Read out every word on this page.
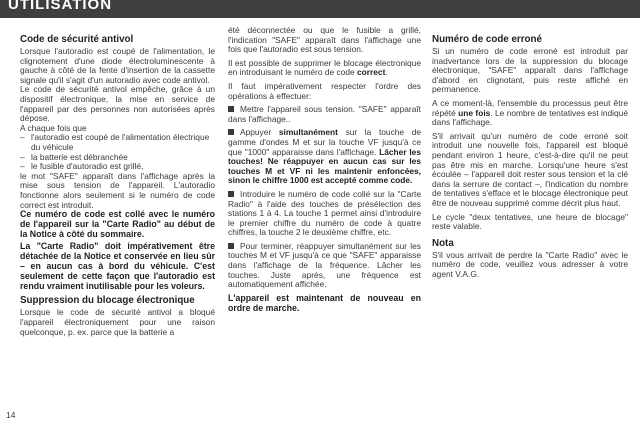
UTILISATION
Code de sécurité antivol

Lorsque l'autoradio est coupé de l'alimentation, le clignotement d'une diode électroluminescente à gauche à côté de la fente d'insertion de la cassette signale qu'il s'agit d'un autoradio avec code antivol.

Le code de sécurité antivol empêche, grâce à un dispositif électronique, la mise en service de l'appareil par des personnes non autorisées après dépose.

A chaque fois que

– l'autoradio est coupé de l'alimentation électrique du véhicule
– la batterie est débranchée
– le fusible d'autoradio est grillé,

le mot "SAFE" apparaît dans l'affichage après la mise sous tension de l'appareil. L'autoradio fonctionne alors seulement si le numéro de code correct est introduit.

Ce numéro de code est collé avec le numéro de l'appareil sur la "Carte Radio" au début de la Notice à côté du sommaire.

La "Carte Radio" doit impérativement être détachée de la Notice et conservée en lieu sûr – en aucun cas à bord du véhicule. C'est seulement de cette façon que l'autoradio est rendu vraiment inutilisable pour les voleurs.

Suppression du blocage électronique

Lorsque le code de sécurité antivol a bloqué l'appareil électroniquement pour une raison quelconque, p. ex. parce que la batterie a

été déconnectée ou que le fusible a grillé, l'indication "SAFE" apparaît dans l'affichage une fois que l'autoradio est sous tension.

Il est possible de supprimer le blocage électronique en introduisant le numéro de code correct.

Il faut impérativement respecter l'ordre des opérations à effectuer:

Mettre l'appareil sous tension. "SAFE" apparaît dans l'affichage..

Appuyer simultanément sur la touche de gamme d'ondes M et sur la touche VF jusqu'à ce que "1000" apparaisse dans l'affichage. Lâcher les touches! Ne réappuyer en aucun cas sur les touches M et VF ni les maintenir enfoncées, sinon le chiffre 1000 est accepté comme code.

Introduire le numéro de code collé sur la "Carte Radio" à l'aide des touches de présélection des stations 1 à 4. La touche 1 permet ainsi d'introduire le premier chiffre du numéro de code à quatre chiffres, la touche 2 le deuxième chiffre, etc.

Pour terminer, réappuyer simultanément sur les touches M et VF jusqu'à ce que "SAFE" apparaisse dans l'affichage de la fréquence. Lâcher les touches. Juste après, une fréquence est automatiquement affichée.

L'appareil est maintenant de nouveau en ordre de marche.

Numéro de code erroné

Si un numéro de code erroné est introduit par inadvertance lors de la suppression du blocage électronique, "SAFE" apparaît dans l'affichage d'abord en clignotant, puis reste affiché en permanence.

A ce moment-là, l'ensemble du processus peut être répété une fois. Le nombre de tentatives est indiqué dans l'affichage.

S'il arrivait qu'un numéro de code erroné soit introduit une nouvelle fois, l'appareil est bloqué pendant environ 1 heure, c'est-à-dire qu'il ne peut pas être mis en marche. Lorsqu'une heure s'est écoulée – l'appareil doit rester sous tension et la clé dans la serrure de contact –, l'indication du nombre de tentatives s'efface et le blocage électronique peut être de nouveau supprimé comme décrit plus haut.

Le cycle "deux tentatives, une heure de blocage" reste valable.

Nota

S'il vous arrivait de perdre la "Carte Radio" avec le numéro de code, veuillez vous adresser à votre agent V.A.G.

14
